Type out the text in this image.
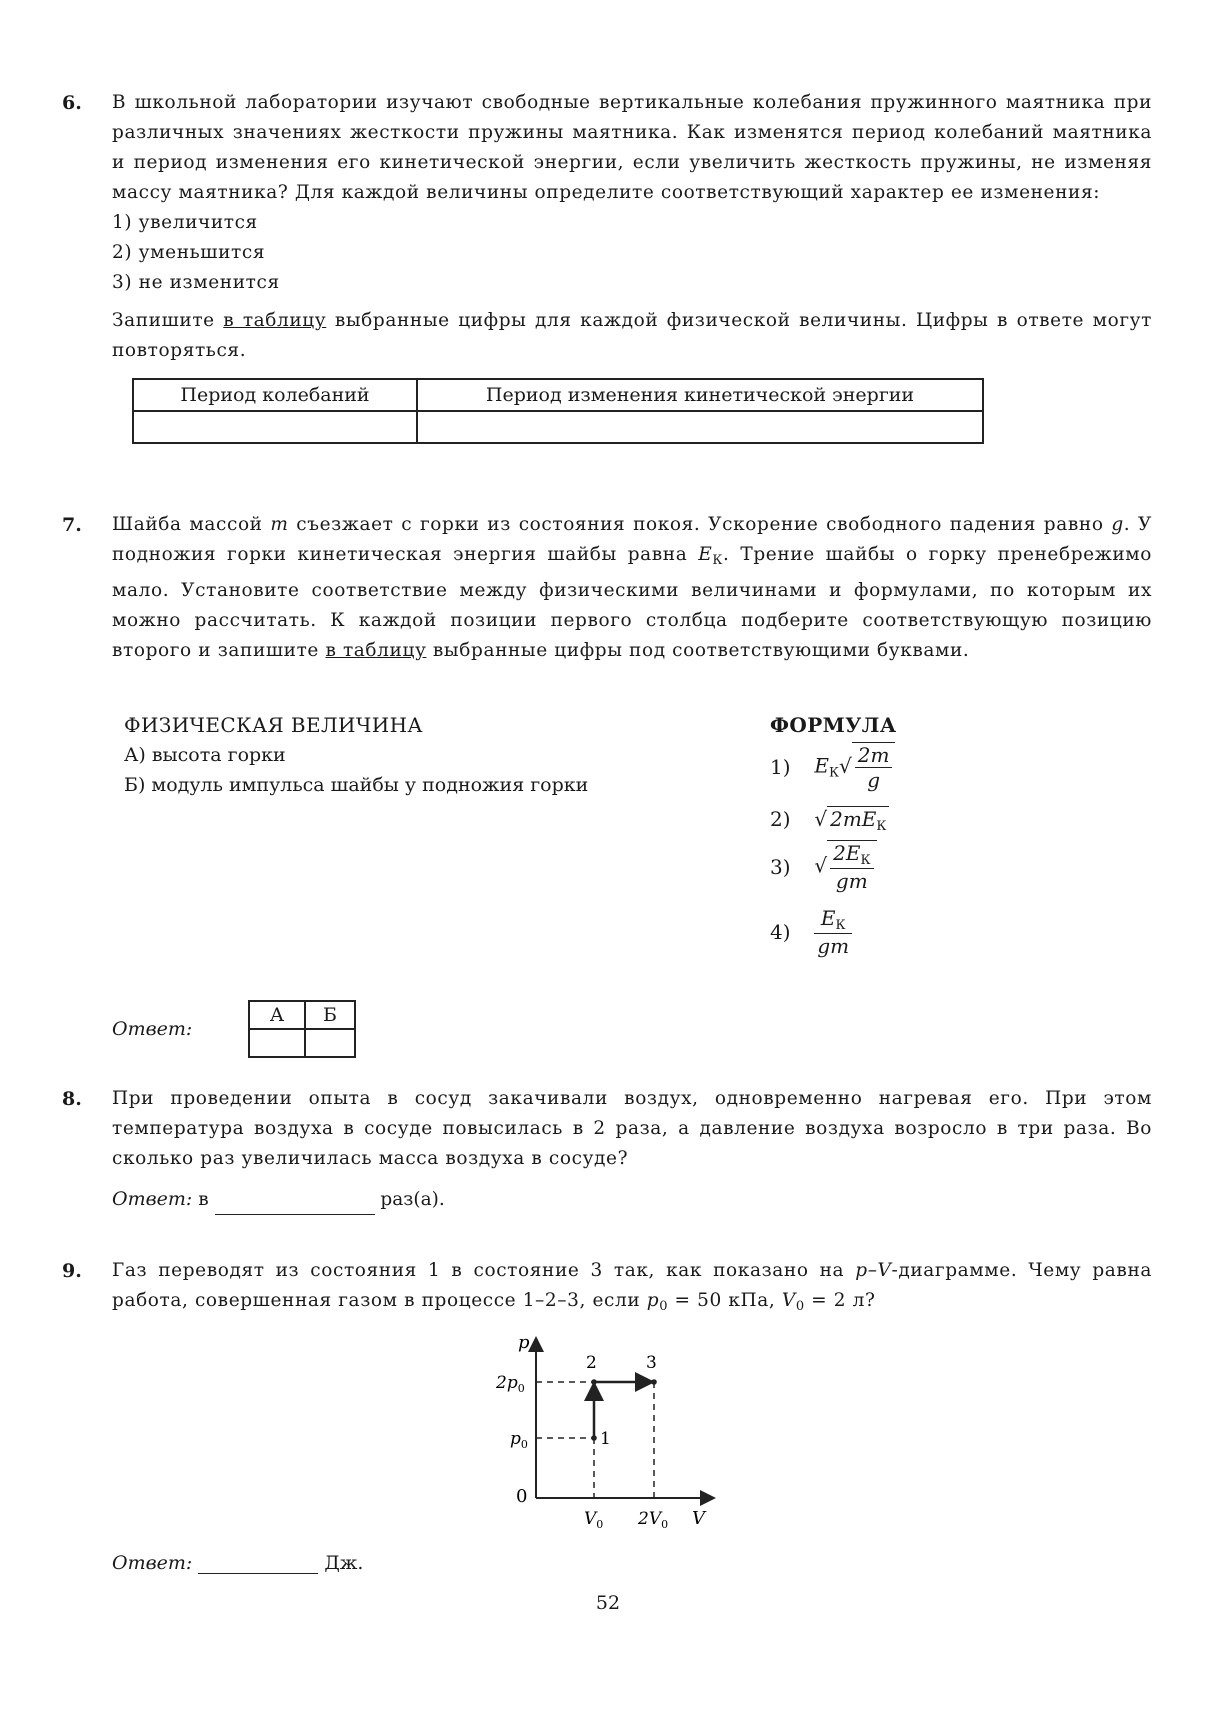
6. В школьной лаборатории изучают свободные вертикальные колебания пружинного маятника при различных значениях жесткости пружины маятника. Как изменятся период колебаний маятника и период изменения его кинетической энергии, если увеличить жесткость пружины, не изменяя массу маятника? Для каждой величины определите соответствующий характер ее изменения:

1) увеличится
2) уменьшится
3) не изменится

Запишите в таблицу выбранные цифры для каждой физической величины. Цифры в ответе могут повторяться.

Период колебаний	Период изменения кинетической энергии

7. Шайба массой m съезжает с горки из состояния покоя. Ускорение свободного падения равно g. У подножия горки кинетическая энергия шайбы равна $E_К$. Трение шайбы о горку пренебрежимо мало. Установите соответствие между физическими величинами и формулами, по которым их можно рассчитать. К каждой позиции первого столбца подберите соответствующую позицию второго и запишите в таблицу выбранные цифры под соответствующими буквами.

ФИЗИЧЕСКАЯ ВЕЛИЧИНА
А) высота горки
Б) модуль импульса шайбы у подножия горки
ФОРМУЛА
1) $E_К√ \frac{2m}{g}$
2) √ $2mE_К$
3) √ $\frac{2E_К}{gm}$
$4) \frac{E_К}{gm}$
Ответ:
А	Б

8. При проведении опыта в сосуд закачивали воздух, одновременно нагревая его. При этом температура воздуха в сосуде повысилась в 2 раза, а давление воздуха возросло в три раза. Во сколько раз увеличилась масса воздуха в сосуде?

Ответ: в	раз(а).

9. Газ переводят из состояния 1 в состояние 3 так, как показано на p–V-диаграмме. Чему равна работа, совершенная газом в процессе 1–2–3, если $p_0 = 50$ кПа, $V_0 = 2$ л?

p
V
0
$2p_0$
$p_0$
$V_0$ $2V_0$
1
2	3
Ответ:	Дж.
52
